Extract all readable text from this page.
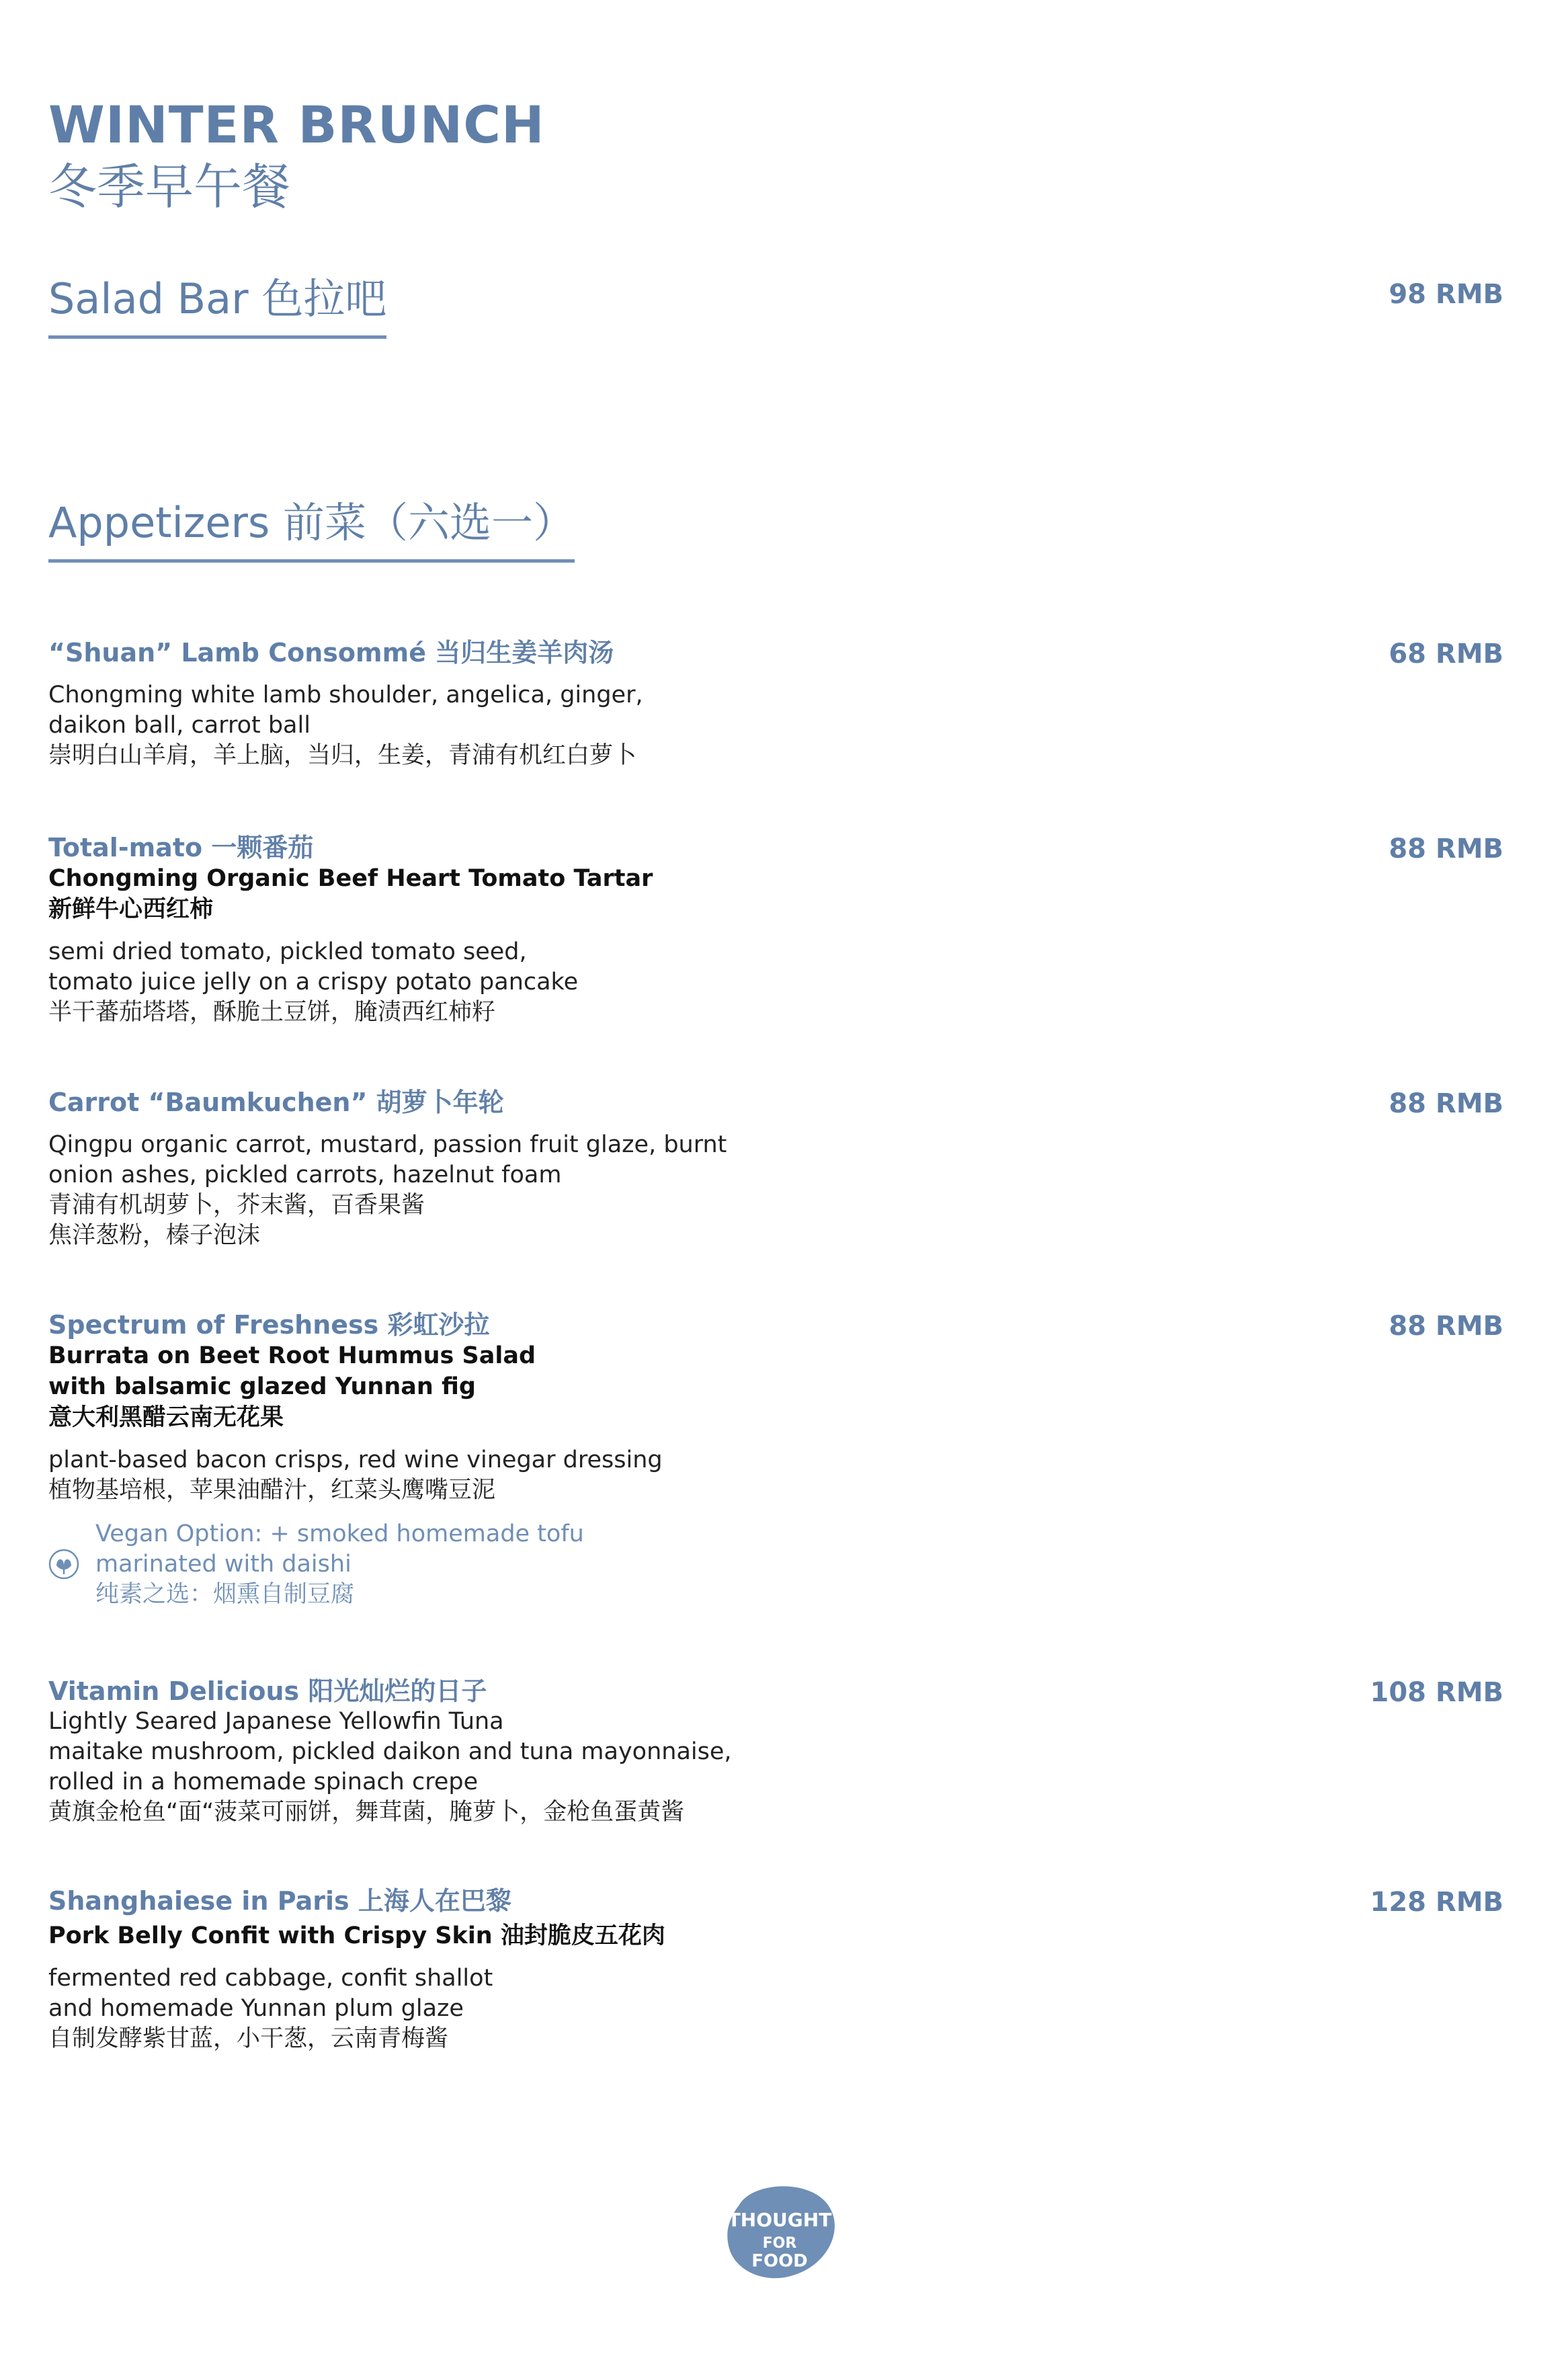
WINTER BRUNCH
冬季早午餐
Salad Bar 色拉吧	98 RMB
Appetizers 前菜（六选一）
“Shuan” Lamb Consommé 当归生姜羊肉汤
Chongming white lamb shoulder, angelica, ginger,
daikon ball, carrot ball
崇明白山羊肩，羊上脑，当归，生姜，青浦有机红白萝卜
68 RMB
Total-mato 一颗番茄
Chongming Organic Beef Heart Tomato Tartar
新鲜牛心西红柿
semi dried tomato, pickled tomato seed,
tomato juice jelly on a crispy potato pancake
半干蕃茄塔塔，酥脆土豆饼，腌渍西红柿籽
88 RMB
Carrot “Baumkuchen” 胡萝卜年轮
Qingpu organic carrot, mustard, passion fruit glaze, burnt
onion ashes, pickled carrots, hazelnut foam
青浦有机胡萝卜，芥末酱，百香果酱
焦洋葱粉，榛子泡沫
88 RMB
Spectrum of Freshness 彩虹沙拉
Burrata on Beet Root Hummus Salad
with balsamic glazed Yunnan fig
意大利黑醋云南无花果
plant-based bacon crisps, red wine vinegar dressing
植物基培根，苹果油醋汁，红菜头鹰嘴豆泥
Vegan Option: + smoked homemade tofu
marinated with daishi
纯素之选：烟熏自制豆腐
88 RMB
Vitamin Delicious 阳光灿烂的日子
Lightly Seared Japanese Yellowfin Tuna
maitake mushroom, pickled daikon and tuna mayonnaise,
rolled in a homemade spinach crepe
黄旗金枪鱼“面“菠菜可丽饼，舞茸菌，腌萝卜，金枪鱼蛋黄酱
108 RMB
Shanghaiese in Paris 上海人在巴黎
Pork Belly Confit with Crispy Skin 油封脆皮五花肉
fermented red cabbage, confit shallot
and homemade Yunnan plum glaze
自制发酵紫甘蓝，小干葱，云南青梅酱
128 RMB
THOUGHT
FOR
FOOD
